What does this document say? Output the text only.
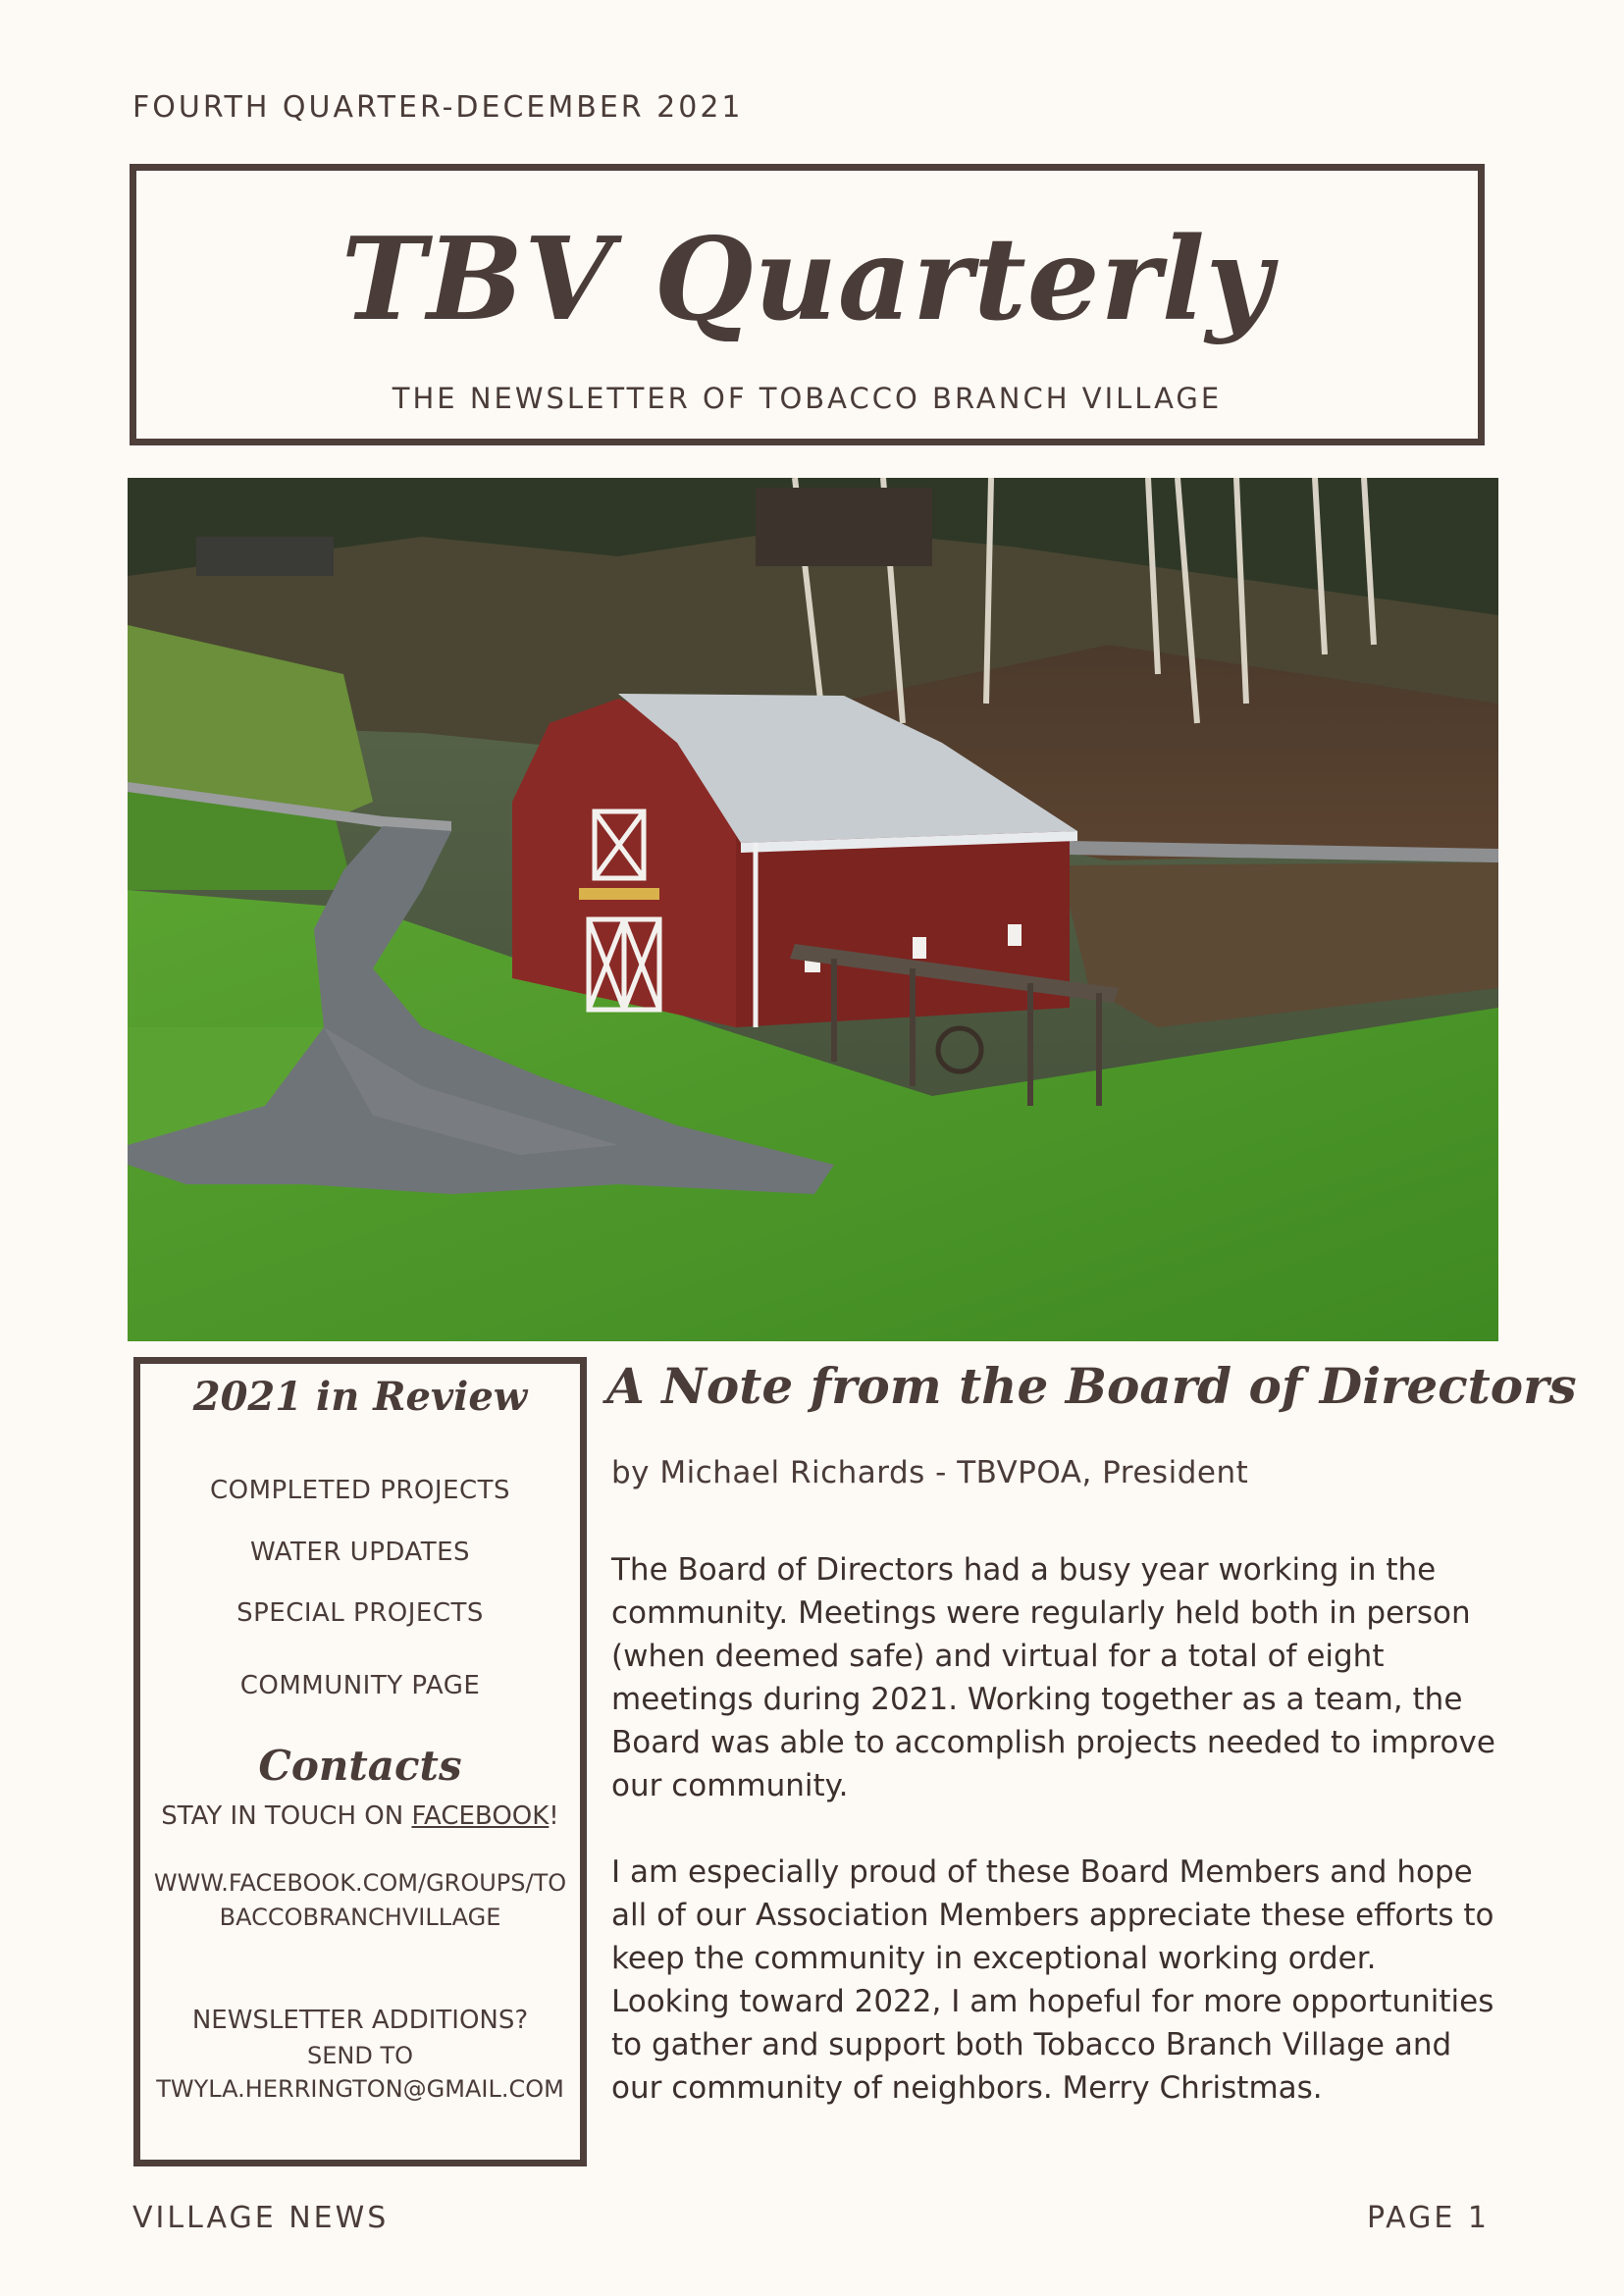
FOURTH QUARTER-DECEMBER 2021
TBV Quarterly
THE NEWSLETTER OF TOBACCO BRANCH VILLAGE
2021 in Review
COMPLETED PROJECTS
WATER UPDATES
SPECIAL PROJECTS
COMMUNITY PAGE
Contacts
STAY IN TOUCH ON FACEBOOK!
WWW.FACEBOOK.COM/GROUPS/TO
BACCOBRANCHVILLAGE
NEWSLETTER ADDITIONS?
SEND TO
TWYLA.HERRINGTON@GMAIL.COM
A Note from the Board of Directors
by Michael Richards - TBVPOA, President

The Board of Directors had a busy year working in the community. Meetings were regularly held both in person (when deemed safe) and virtual for a total of eight meetings during 2021. Working together as a team, the Board was able to accomplish projects needed to improve our community.

I am especially proud of these Board Members and hope all of our Association Members appreciate these efforts to keep the community in exceptional working order. Looking toward 2022, I am hopeful for more opportunities to gather and support both Tobacco Branch Village and our community of neighbors. Merry Christmas.

VILLAGE NEWS	PAGE 1
